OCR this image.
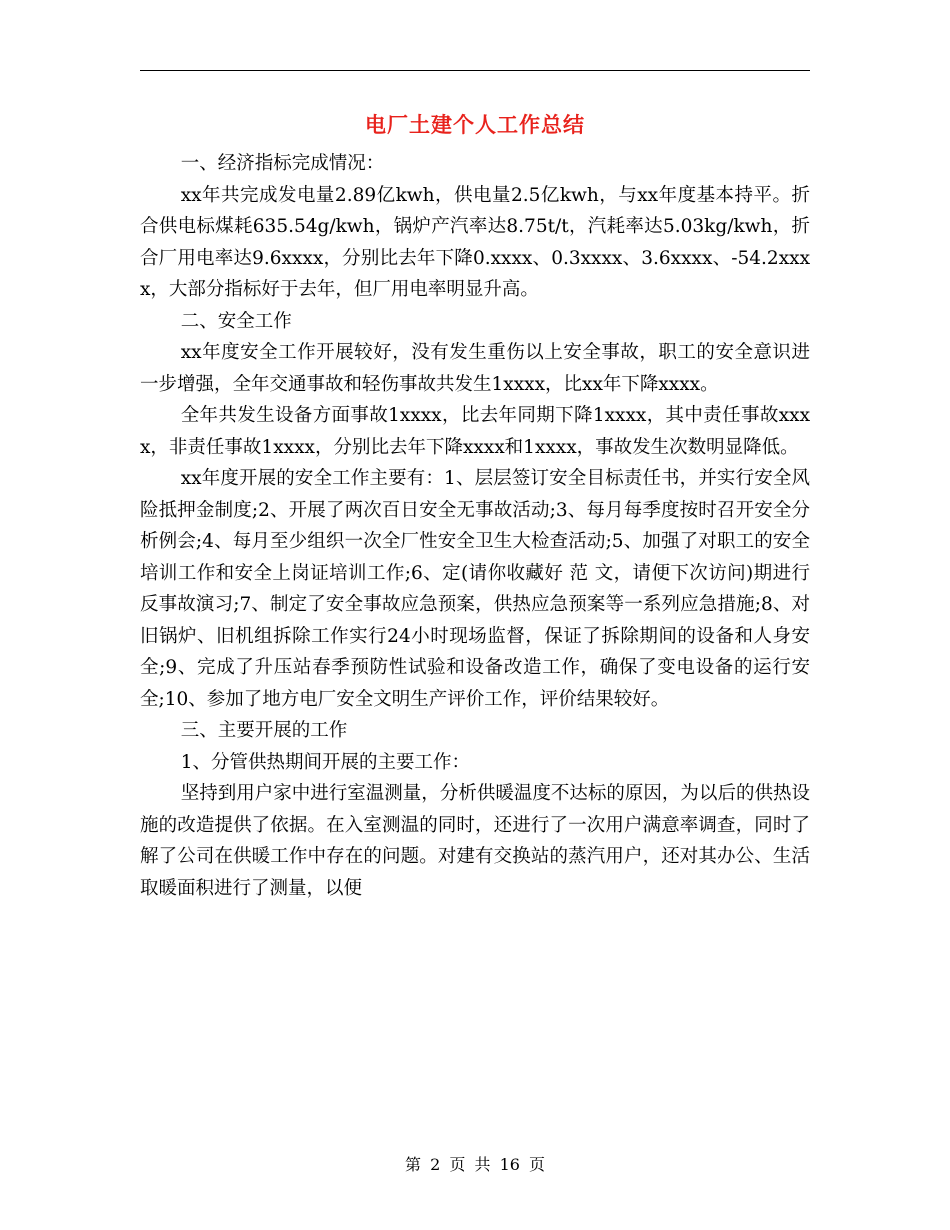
电厂土建个人工作总结

一、经济指标完成情况：

xx年共完成发电量2.89亿kwh，供电量2.5亿kwh，与xx年度基本持平。折合供电标煤耗635.54g/kwh，锅炉产汽率达8.75t/t，汽耗率达5.03kg/kwh，折合厂用电率达9.6xxxx，分别比去年下降0.xxxx、0.3xxxx、3.6xxxx、-54.2xxxx，大部分指标好于去年，但厂用电率明显升高。

二、安全工作

xx年度安全工作开展较好，没有发生重伤以上安全事故，职工的安全意识进一步增强，全年交通事故和轻伤事故共发生1xxxx，比xx年下降xxxx。

全年共发生设备方面事故1xxxx，比去年同期下降1xxxx，其中责任事故xxxx，非责任事故1xxxx，分别比去年下降xxxx和1xxxx，事故发生次数明显降低。

xx年度开展的安全工作主要有：1、层层签订安全目标责任书，并实行安全风险抵押金制度;2、开展了两次百日安全无事故活动;3、每月每季度按时召开安全分析例会;4、每月至少组织一次全厂性安全卫生大检查活动;5、加强了对职工的安全培训工作和安全上岗证培训工作;6、定(请你收藏好 范 文，请便下次访问)期进行反事故演习;7、制定了安全事故应急预案，供热应急预案等一系列应急措施;8、对旧锅炉、旧机组拆除工作实行24小时现场监督，保证了拆除期间的设备和人身安全;9、完成了升压站春季预防性试验和设备改造工作，确保了变电设备的运行安全;10、参加了地方电厂安全文明生产评价工作，评价结果较好。

三、主要开展的工作

1、分管供热期间开展的主要工作：

坚持到用户家中进行室温测量，分析供暖温度不达标的原因，为以后的供热设施的改造提供了依据。在入室测温的同时，还进行了一次用户满意率调查，同时了解了公司在供暖工作中存在的问题。对建有交换站的蒸汽用户，还对其办公、生活取暖面积进行了测量，以便

第 2 页 共 16 页
